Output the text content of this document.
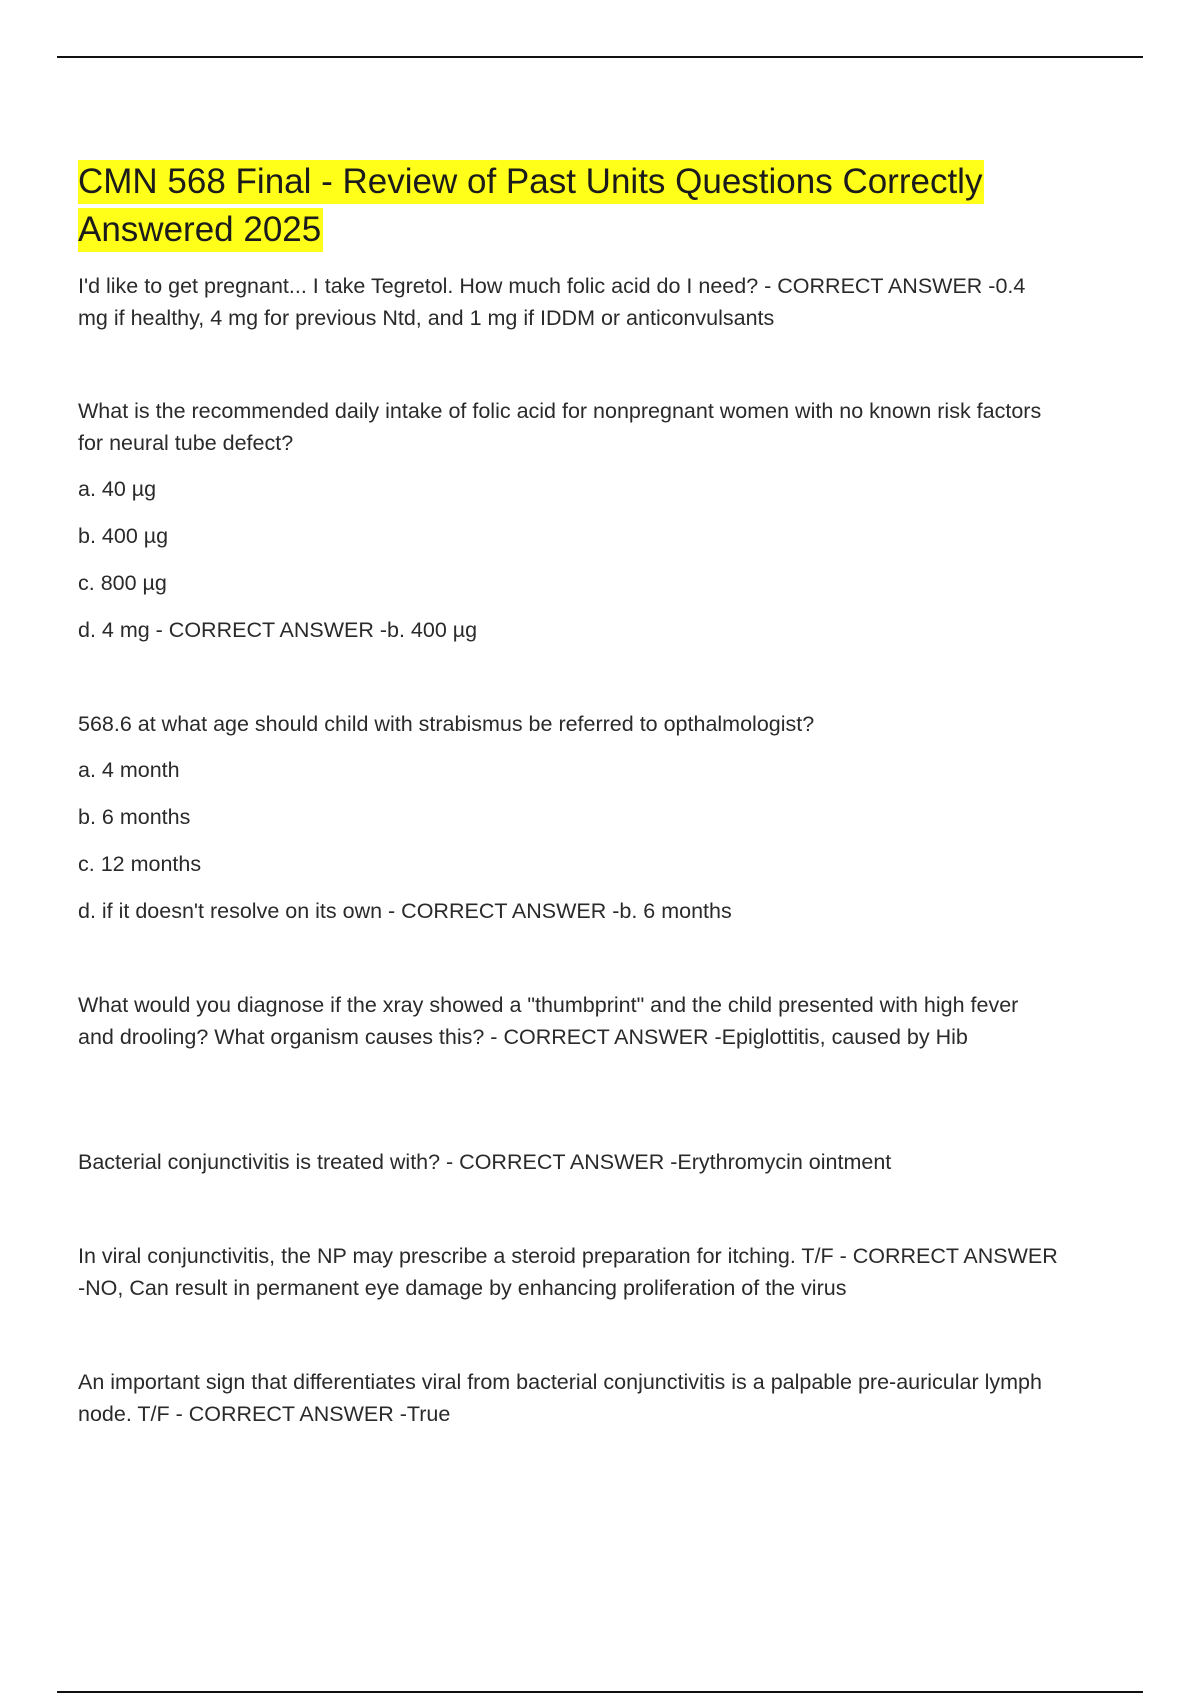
CMN 568 Final - Review of Past Units Questions Correctly
Answered 2025

I'd like to get pregnant... I take Tegretol. How much folic acid do I need? - CORRECT ANSWER -0.4 mg if healthy, 4 mg for previous Ntd, and 1 mg if IDDM or anticonvulsants

What is the recommended daily intake of folic acid for nonpregnant women with no known risk factors for neural tube defect?

a. 40 µg

b. 400 µg

c. 800 µg

d. 4 mg - CORRECT ANSWER -b. 400 µg

568.6 at what age should child with strabismus be referred to opthalmologist?

a. 4 month

b. 6 months

c. 12 months

d. if it doesn't resolve on its own - CORRECT ANSWER -b. 6 months

What would you diagnose if the xray showed a "thumbprint" and the child presented with high fever and drooling? What organism causes this? - CORRECT ANSWER -Epiglottitis, caused by Hib

Bacterial conjunctivitis is treated with? - CORRECT ANSWER -Erythromycin ointment

In viral conjunctivitis, the NP may prescribe a steroid preparation for itching. T/F - CORRECT ANSWER -NO, Can result in permanent eye damage by enhancing proliferation of the virus

An important sign that differentiates viral from bacterial conjunctivitis is a palpable pre-auricular lymph node. T/F - CORRECT ANSWER -True
